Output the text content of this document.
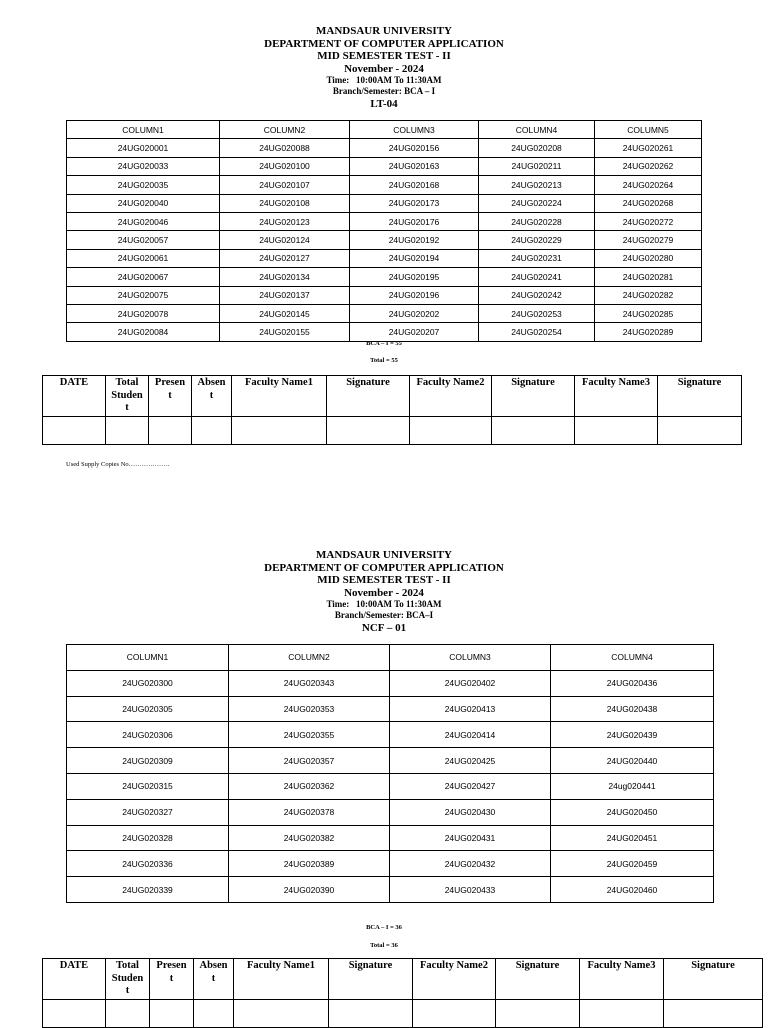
MANDSAUR UNIVERSITY
DEPARTMENT OF COMPUTER APPLICATION
MID SEMESTER TEST - II
November - 2024
Time: 10:00AM To 11:30AM
Branch/Semester: BCA – I
LT-04
COLUMN1	COLUMN2	COLUMN3	COLUMN4	COLUMN5
24UG020001	24UG020088	24UG020156	24UG020208	24UG020261
24UG020033	24UG020100	24UG020163	24UG020211	24UG020262
24UG020035	24UG020107	24UG020168	24UG020213	24UG020264
24UG020040	24UG020108	24UG020173	24UG020224	24UG020268
24UG020046	24UG020123	24UG020176	24UG020228	24UG020272
24UG020057	24UG020124	24UG020192	24UG020229	24UG020279
24UG020061	24UG020127	24UG020194	24UG020231	24UG020280
24UG020067	24UG020134	24UG020195	24UG020241	24UG020281
24UG020075	24UG020137	24UG020196	24UG020242	24UG020282
24UG020078	24UG020145	24UG020202	24UG020253	24UG020285
24UG020084	24UG020155	24UG020207	24UG020254	24UG020289
BCA – I = 55
Total = 55
DATE	Total
Studen
t	Presen
t	Absen
t	Faculty Name1	Signature	Faculty Name2	Signature	Faculty Name3	Signature

Used Supply Copies No……………….
MANDSAUR UNIVERSITY
DEPARTMENT OF COMPUTER APPLICATION
MID SEMESTER TEST - II
November - 2024
Time: 10:00AM To 11:30AM
Branch/Semester: BCA–I
NCF – 01
COLUMN1	COLUMN2	COLUMN3	COLUMN4
24UG020300	24UG020343	24UG020402	24UG020436
24UG020305	24UG020353	24UG020413	24UG020438
24UG020306	24UG020355	24UG020414	24UG020439
24UG020309	24UG020357	24UG020425	24UG020440
24UG020315	24UG020362	24UG020427	24ug020441
24UG020327	24UG020378	24UG020430	24UG020450
24UG020328	24UG020382	24UG020431	24UG020451
24UG020336	24UG020389	24UG020432	24UG020459
24UG020339	24UG020390	24UG020433	24UG020460
BCA – I = 36
Total = 36
DATE	Total
Studen
t	Presen
t	Absen
t	Faculty Name1	Signature	Faculty Name2	Signature	Faculty Name3	Signature
